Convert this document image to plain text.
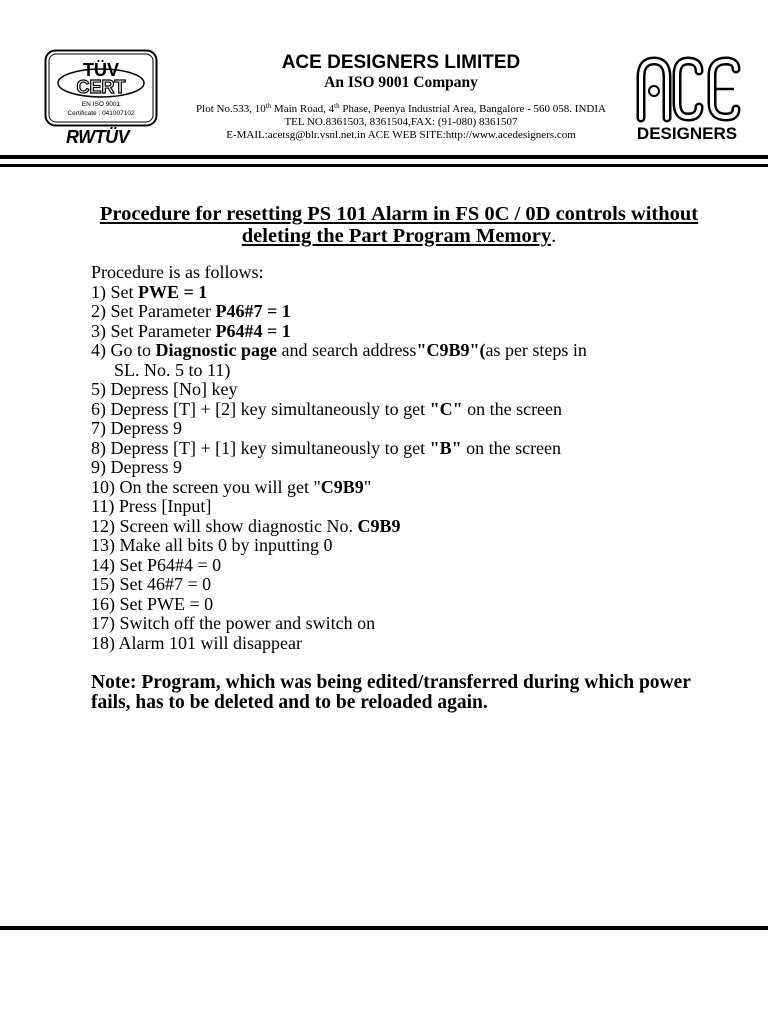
TÜV
CERT
EN ISO 9001
Certificate : 041007102
RWTÜV
ACE DESIGNERS LIMITED
An ISO 9001 Company
Plot No.533, 10th Main Road, 4th Phase, Peenya Industrial Area, Bangalore - 560 058. INDIA
TEL NO.8361503, 8361504,FAX: (91-080) 8361507
E-MAIL:acetsg@blr.vsnl.net.in ACE WEB SITE:http://www.acedesigners.com	DESIGNERS
Procedure for resetting PS 101 Alarm in FS 0C / 0D controls without
deleting the Part Program Memory.
Procedure is as follows:
1) Set PWE = 1
2) Set Parameter P46#7 = 1
3) Set Parameter P64#4 = 1
4) Go to Diagnostic page and search address"C9B9"(as per steps in
SL. No. 5 to 11)
5) Depress [No] key
6) Depress [T] + [2] key simultaneously to get "C" on the screen
7) Depress 9
8) Depress [T] + [1] key simultaneously to get "B" on the screen
9) Depress 9
10) On the screen you will get "C9B9"
11) Press [Input]
12) Screen will show diagnostic No. C9B9
13) Make all bits 0 by inputting 0
14) Set P64#4 = 0
15) Set 46#7 = 0
16) Set PWE = 0
17) Switch off the power and switch on
18) Alarm 101 will disappear
Note: Program, which was being edited/transferred during which power
fails, has to be deleted and to be reloaded again.
